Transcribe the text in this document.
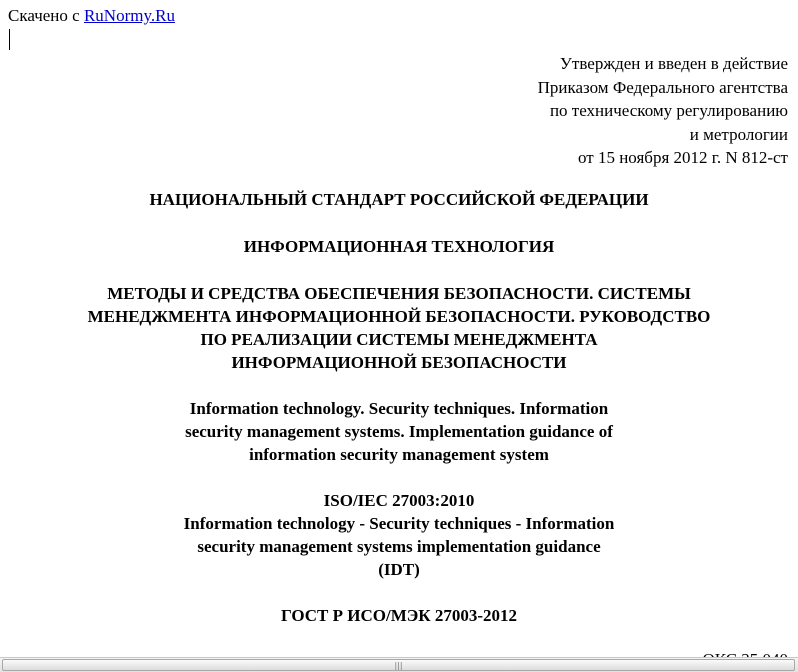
Скачено с RuNormy.Ru
Утвержден и введен в действие
Приказом Федерального агентства
по техническому регулированию
и метрологии
от 15 ноября 2012 г. N 812-ст
НАЦИОНАЛЬНЫЙ СТАНДАРТ РОССИЙСКОЙ ФЕДЕРАЦИИ
ИНФОРМАЦИОННАЯ ТЕХНОЛОГИЯ
МЕТОДЫ И СРЕДСТВА ОБЕСПЕЧЕНИЯ БЕЗОПАСНОСТИ. СИСТЕМЫ
МЕНЕДЖМЕНТА ИНФОРМАЦИОННОЙ БЕЗОПАСНОСТИ. РУКОВОДСТВО
ПО РЕАЛИЗАЦИИ СИСТЕМЫ МЕНЕДЖМЕНТА
ИНФОРМАЦИОННОЙ БЕЗОПАСНОСТИ
Information technology. Security techniques. Information
security management systems. Implementation guidance of
information security management system
ISO/IEC 27003:2010
Information technology - Security techniques - Information
security management systems implementation guidance
(IDT)
ГОСТ Р ИСО/МЭК 27003-2012
|||
